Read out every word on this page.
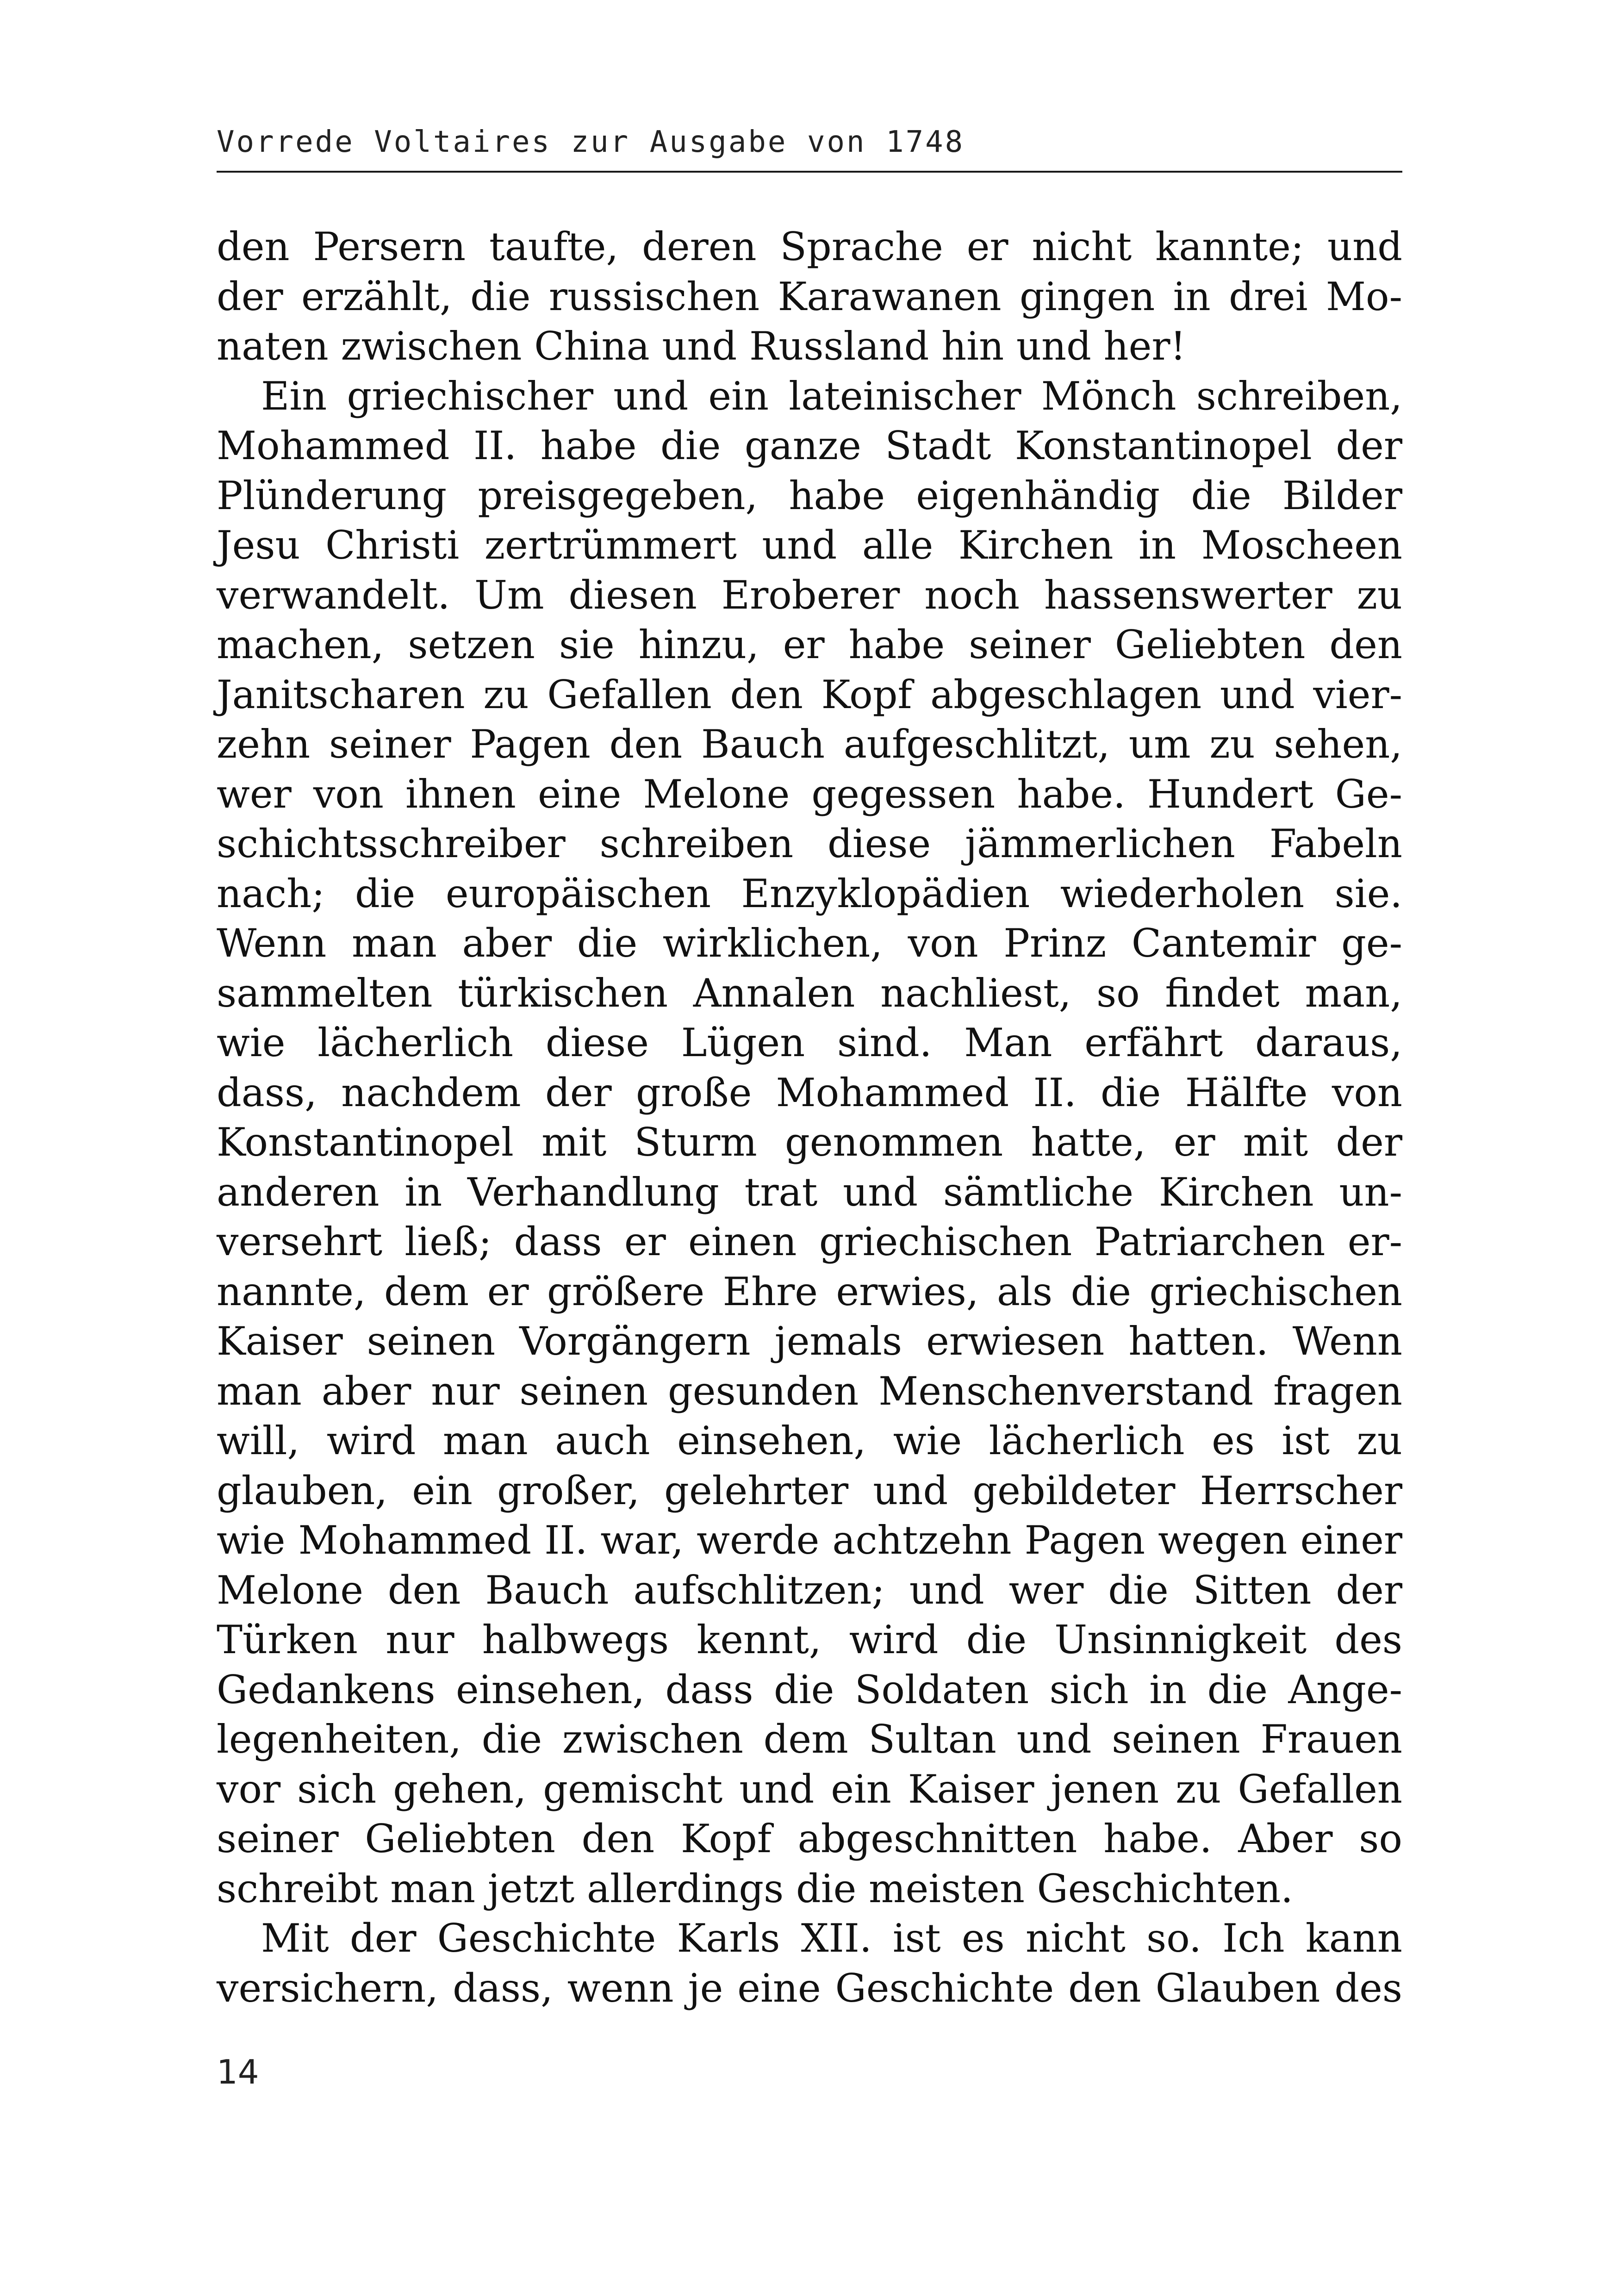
Vorrede Voltaires zur Ausgabe von 1748
den Persern taufte, deren Sprache er nicht kannte; und
der erzählt, die russischen Karawanen gingen in drei Mo-
naten zwischen China und Russland hin und her!
Ein griechischer und ein lateinischer Mönch schreiben,
Mohammed II. habe die ganze Stadt Konstantinopel der
Plünderung preisgegeben, habe eigenhändig die Bilder
Jesu Christi zertrümmert und alle Kirchen in Moscheen
verwandelt. Um diesen Eroberer noch hassenswerter zu
machen, setzen sie hinzu, er habe seiner Geliebten den
Janitscharen zu Gefallen den Kopf abgeschlagen und vier-
zehn seiner Pagen den Bauch aufgeschlitzt, um zu sehen,
wer von ihnen eine Melone gegessen habe. Hundert Ge-
schichtsschreiber schreiben diese jämmerlichen Fabeln
nach; die europäischen Enzyklopädien wiederholen sie.
Wenn man aber die wirklichen, von Prinz Cantemir ge-
sammelten türkischen Annalen nachliest, so findet man,
wie lächerlich diese Lügen sind. Man erfährt daraus,
dass, nachdem der große Mohammed II. die Hälfte von
Konstantinopel mit Sturm genommen hatte, er mit der
anderen in Verhandlung trat und sämtliche Kirchen un-
versehrt ließ; dass er einen griechischen Patriarchen er-
nannte, dem er größere Ehre erwies, als die griechischen
Kaiser seinen Vorgängern jemals erwiesen hatten. Wenn
man aber nur seinen gesunden Menschenverstand fragen
will, wird man auch einsehen, wie lächerlich es ist zu
glauben, ein großer, gelehrter und gebildeter Herrscher
wie Mohammed II. war, werde achtzehn Pagen wegen einer
Melone den Bauch aufschlitzen; und wer die Sitten der
Türken nur halbwegs kennt, wird die Unsinnigkeit des
Gedankens einsehen, dass die Soldaten sich in die Ange-
legenheiten, die zwischen dem Sultan und seinen Frauen
vor sich gehen, gemischt und ein Kaiser jenen zu Gefallen
seiner Geliebten den Kopf abgeschnitten habe. Aber so
schreibt man jetzt allerdings die meisten Geschichten.
Mit der Geschichte Karls XII. ist es nicht so. Ich kann
versichern, dass, wenn je eine Geschichte den Glauben des
14
